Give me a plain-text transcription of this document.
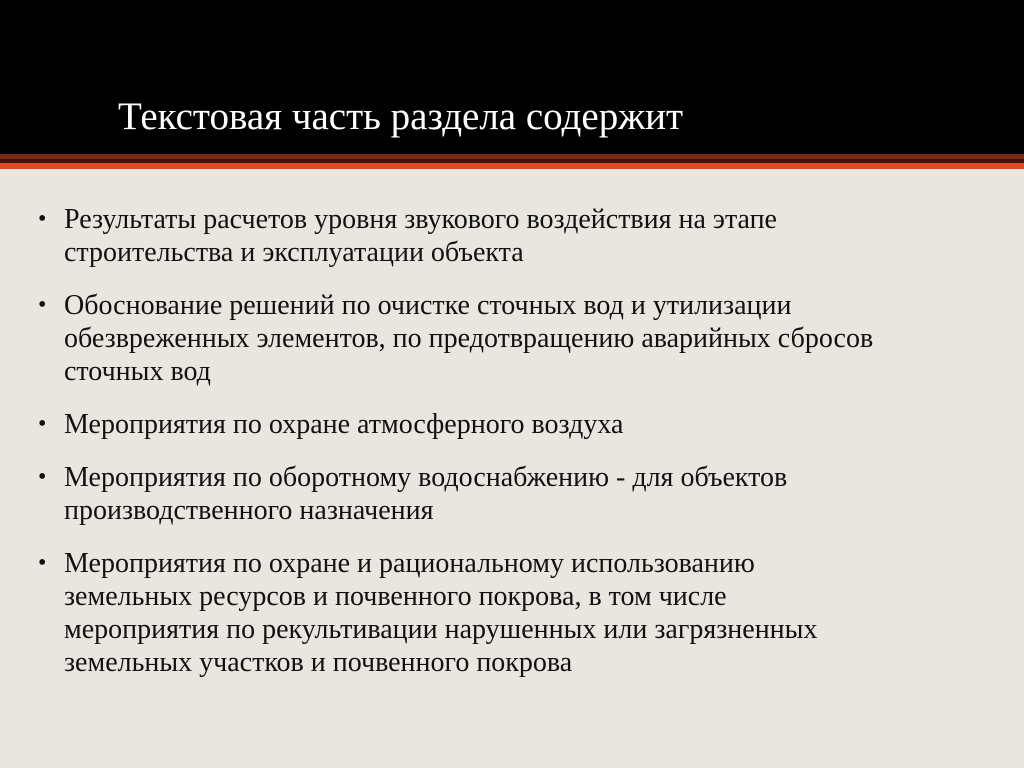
Текстовая часть раздела содержит
• Результаты расчетов уровня звукового воздействия на этапе
строительства и эксплуатации объекта
• Обоснование решений по очистке сточных вод и утилизации
обезвреженных элементов, по предотвращению аварийных сбросов
сточных вод
• Мероприятия по охране атмосферного воздуха
• Мероприятия по оборотному водоснабжению - для объектов
производственного назначения
• Мероприятия по охране и рациональному использованию
земельных ресурсов и почвенного покрова, в том числе
мероприятия по рекультивации нарушенных или загрязненных
земельных участков и почвенного покрова
